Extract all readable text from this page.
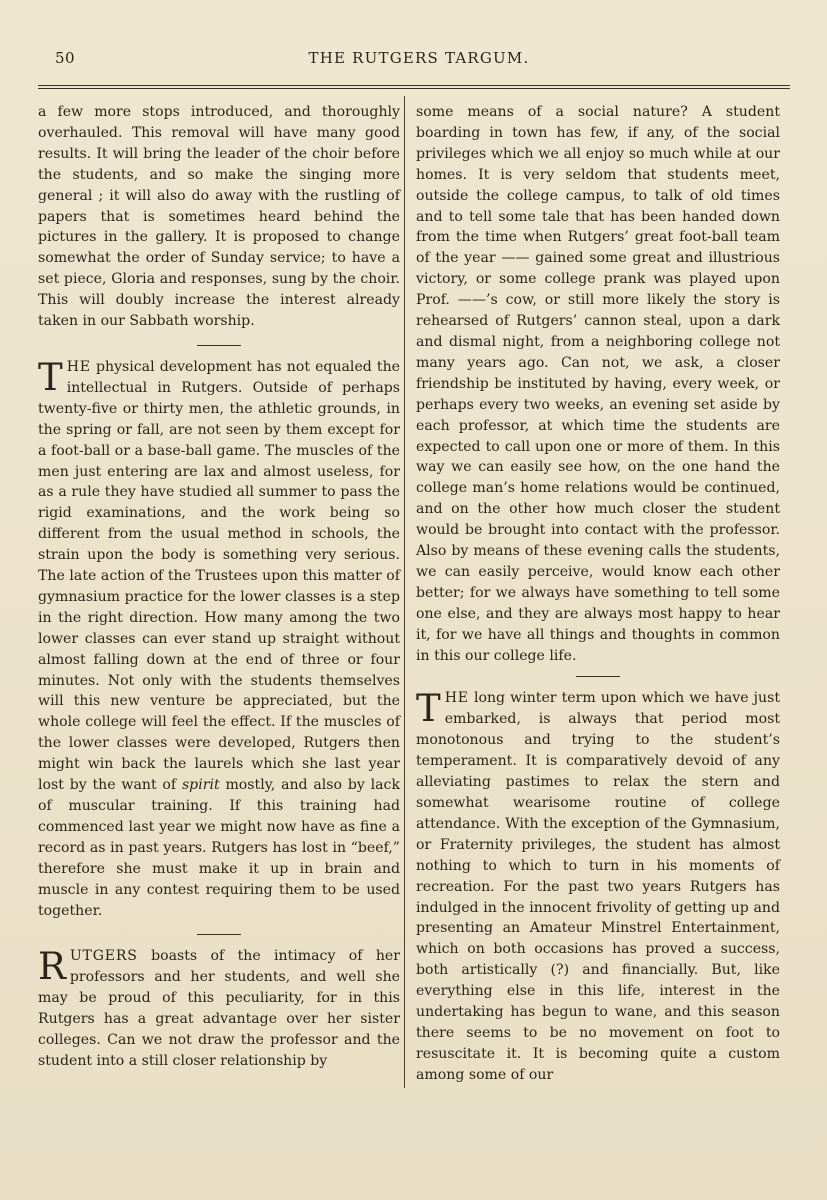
50	THE RUTGERS TARGUM.

a few more stops introduced, and thoroughly overhauled. This removal will have many good results. It will bring the leader of the choir before the students, and so make the singing more general ; it will also do away with the rustling of papers that is sometimes heard behind the pictures in the gallery. It is proposed to change somewhat the order of Sunday service; to have a set piece, Gloria and responses, sung by the choir. This will doubly increase the interest already taken in our Sabbath worship.

THE physical development has not equaled the intellectual in Rutgers. Outside of perhaps twenty-five or thirty men, the athletic grounds, in the spring or fall, are not seen by them except for a foot-ball or a base-ball game. The muscles of the men just entering are lax and almost useless, for as a rule they have studied all summer to pass the rigid examinations, and the work being so different from the usual method in schools, the strain upon the body is something very serious. The late action of the Trustees upon this matter of gymnasium practice for the lower classes is a step in the right direction. How many among the two lower classes can ever stand up straight without almost falling down at the end of three or four minutes. Not only with the students themselves will this new venture be appreciated, but the whole college will feel the effect. If the muscles of the lower classes were developed, Rutgers then might win back the laurels which she last year lost by the want of spirit mostly, and also by lack of muscular training. If this training had commenced last year we might now have as fine a record as in past years. Rutgers has lost in “beef,” therefore she must make it up in brain and muscle in any contest requiring them to be used together.

RUTGERS boasts of the intimacy of her professors and her students, and well she may be proud of this peculiarity, for in this Rutgers has a great advantage over her sister colleges. Can we not draw the professor and the student into a still closer relationship by

some means of a social nature? A student boarding in town has few, if any, of the social privileges which we all enjoy so much while at our homes. It is very seldom that students meet, outside the college campus, to talk of old times and to tell some tale that has been handed down from the time when Rutgers’ great foot-ball team of the year —— gained some great and illustrious victory, or some college prank was played upon Prof. ——’s cow, or still more likely the story is rehearsed of Rutgers’ cannon steal, upon a dark and dismal night, from a neighboring college not many years ago. Can not, we ask, a closer friendship be instituted by having, every week, or perhaps every two weeks, an evening set aside by each professor, at which time the students are expected to call upon one or more of them. In this way we can easily see how, on the one hand the college man’s home relations would be continued, and on the other how much closer the student would be brought into contact with the professor. Also by means of these evening calls the students, we can easily perceive, would know each other better; for we always have something to tell some one else, and they are always most happy to hear it, for we have all things and thoughts in common in this our college life.

THE long winter term upon which we have just embarked, is always that period most monotonous and trying to the student’s temperament. It is comparatively devoid of any alleviating pastimes to relax the stern and somewhat wearisome routine of college attendance. With the exception of the Gymnasium, or Fraternity privileges, the student has almost nothing to which to turn in his moments of recreation. For the past two years Rutgers has indulged in the innocent frivolity of getting up and presenting an Amateur Minstrel Entertainment, which on both occasions has proved a success, both artistically (?) and financially. But, like everything else in this life, interest in the undertaking has begun to wane, and this season there seems to be no movement on foot to resuscitate it. It is becoming quite a custom among some of our
